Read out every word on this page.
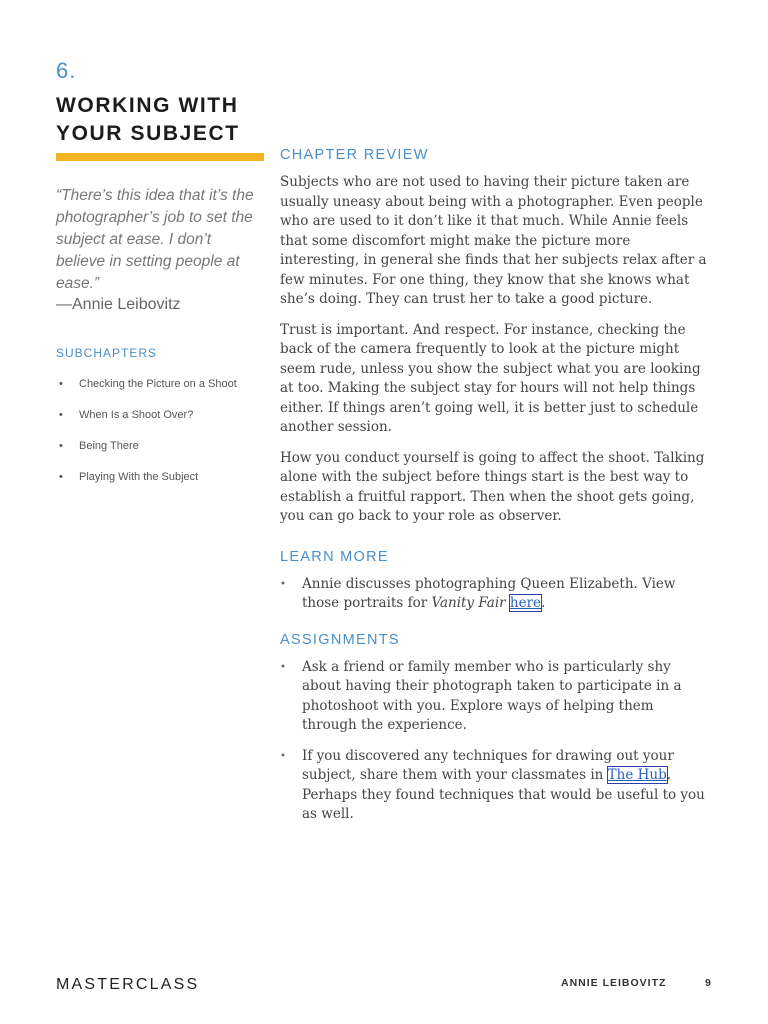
6.
WORKING WITH YOUR SUBJECT

“There’s this idea that it’s the photographer’s job to set the subject at ease. I don’t believe in setting people at ease.”

—Annie Leibovitz
SUBCHAPTERS
• Checking the Picture on a Shoot
• When Is a Shoot Over?
• Being There
• Playing With the Subject
CHAPTER REVIEW

Subjects who are not used to having their picture taken are usually uneasy about being with a photographer. Even people who are used to it don’t like it that much. While Annie feels that some discomfort might make the picture more interesting, in general she finds that her subjects relax after a few minutes. For one thing, they know that she knows what she’s doing. They can trust her to take a good picture.

Trust is important. And respect. For instance, checking the back of the camera frequently to look at the picture might seem rude, unless you show the subject what you are looking at too. Making the subject stay for hours will not help things either. If things aren’t going well, it is better just to schedule another session.

How you conduct yourself is going to affect the shoot. Talking alone with the subject before things start is the best way to establish a fruitful rapport. Then when the shoot gets going, you can go back to your role as observer.

LEARN MORE
• Annie discusses photographing Queen Elizabeth. View those portraits for Vanity Fair here.
ASSIGNMENTS
• Ask a friend or family member who is particularly shy about having their photograph taken to participate in a photoshoot with you. Explore ways of helping them through the experience.
• If you discovered any techniques for drawing out your subject, share them with your classmates in The Hub. Perhaps they found techniques that would be useful to you as well.
MASTERCLASS	ANNIE LEIBOVITZ	9
